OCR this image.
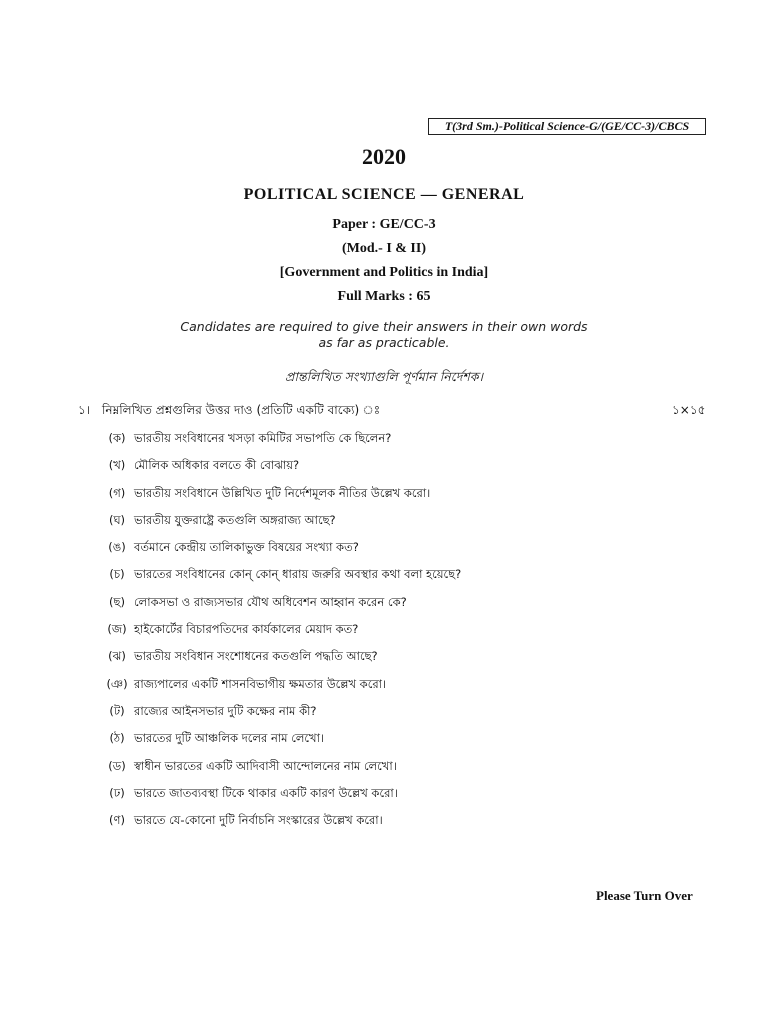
T(3rd Sm.)-Political Science-G/(GE/CC-3)/CBCS
2020
POLITICAL SCIENCE — GENERAL
Paper : GE/CC-3
(Mod.- I & II)
[Government and Politics in India]
Full Marks : 65
Candidates are required to give their answers in their own words
as far as practicable.
প্রান্তলিখিত সংখ্যাগুলি পূর্ণমান নির্দেশক।
১। নিম্নলিখিত প্রশ্নগুলির উত্তর দাও (প্রতিটি একটি বাক্যে) ঃ	১×১৫
(ক) ভারতীয় সংবিধানের খসড়া কমিটির সভাপতি কে ছিলেন?
(খ) মৌলিক অধিকার বলতে কী বোঝায়?
(গ) ভারতীয় সংবিধানে উল্লিখিত দুটি নির্দেশমূলক নীতির উল্লেখ করো।
(ঘ) ভারতীয় যুক্তরাষ্ট্রে কতগুলি অঙ্গরাজ্য আছে?
(ঙ) বর্তমানে কেন্দ্রীয় তালিকাভুক্ত বিষয়ের সংখ্যা কত?
(চ) ভারতের সংবিধানের কোন্ কোন্ ধারায় জরুরি অবস্থার কথা বলা হয়েছে?
(ছ) লোকসভা ও রাজ্যসভার যৌথ অধিবেশন আহ্বান করেন কে?
(জ) হাইকোর্টের বিচারপতিদের কার্যকালের মেয়াদ কত?
(ঝ) ভারতীয় সংবিধান সংশোধনের কতগুলি পদ্ধতি আছে?
(ঞ) রাজ্যপালের একটি শাসনবিভাগীয় ক্ষমতার উল্লেখ করো।
(ট) রাজ্যের আইনসভার দুটি কক্ষের নাম কী?
(ঠ) ভারতের দুটি আঞ্চলিক দলের নাম লেখো।
(ড) স্বাধীন ভারতের একটি আদিবাসী আন্দোলনের নাম লেখো।
(ঢ) ভারতে জাতব্যবস্থা টিকে থাকার একটি কারণ উল্লেখ করো।
(ণ) ভারতে যে-কোনো দুটি নির্বাচনি সংস্কারের উল্লেখ করো।
Please Turn Over
